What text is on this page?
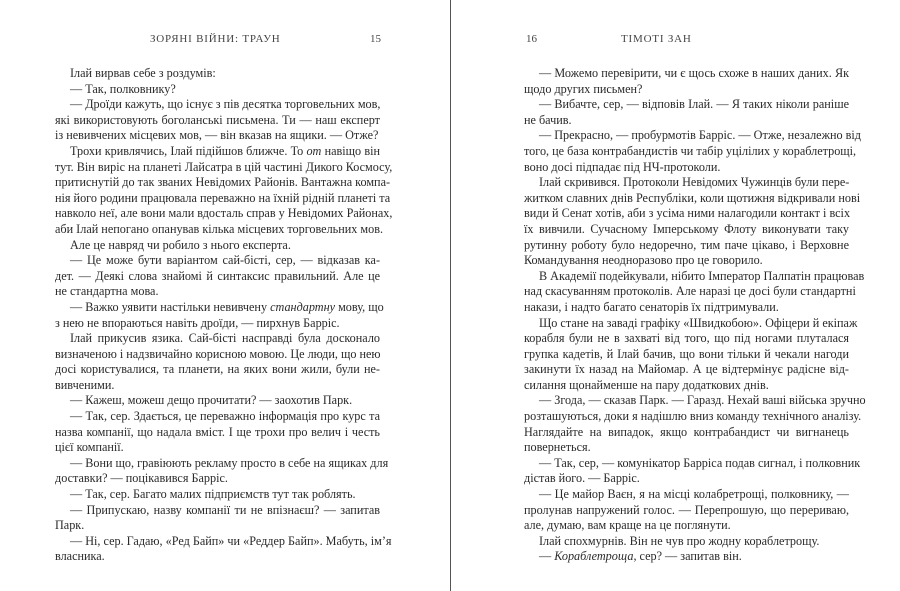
ЗОРЯНІ ВІЙНИ: ТРАУН	15
Ілай вирвав себе з роздумів:
— Так, полковнику?
— Дроїди кажуть, що існує з пів десятка торговельних мов,
які використовують боголанські письмена. Ти — наш експерт
із невивчених місцевих мов, — він вказав на ящики. — Отже?
Трохи кривлячись, Ілай підійшов ближче. То от навіщо він
тут. Він виріс на планеті Лайсатра в цій частині Дикого Космосу,
притиснутій до так званих Невідомих Районів. Вантажна компа-
нія його родини працювала переважно на їхній рідній планеті та
навколо неї, але вони мали вдосталь справ у Невідомих Районах,
аби Ілай непогано опанував кілька місцевих торговельних мов.
Але це навряд чи робило з нього експерта.
— Це може бути варіантом сай-бісті, сер, — відказав ка-
дет. — Деякі слова знайомі й синтаксис правильний. Але це
не стандартна мова.
— Важко уявити настільки невивчену стандартну мову, що
з нею не впораються навіть дроїди, — пирхнув Барріс.
Ілай прикусив язика. Сай-бісті насправді була досконало
визначеною і надзвичайно корисною мовою. Це люди, що нею
досі користувалися, та планети, на яких вони жили, були не-
вивченими.
— Кажеш, можеш дещо прочитати? — заохотив Парк.
— Так, сер. Здається, це переважно інформація про курс та
назва компанії, що надала вміст. І ще трохи про велич і честь
цієї компанії.
— Вони що, гравіюють рекламу просто в себе на ящиках для
доставки? — поцікавився Барріс.
— Так, сер. Багато малих підприємств тут так роблять.
— Припускаю, назву компанії ти не впізнаєш? — запитав
Парк.
— Ні, сер. Гадаю, «Ред Байп» чи «Реддер Байп». Мабуть, ім’я
власника.
16	ТІМОТІ ЗАН
— Можемо перевірити, чи є щось схоже в наших даних. Як
щодо других письмен?
— Вибачте, сер, — відповів Ілай. — Я таких ніколи раніше
не бачив.
— Прекрасно, — пробурмотів Барріс. — Отже, незалежно від
того, це база контрабандистів чи табір уцілілих у кораблетрощі,
воно досі підпадає під НЧ-протоколи.
Ілай скривився. Протоколи Невідомих Чужинців були пере-
житком славних днів Республіки, коли щотижня відкривали нові
види й Сенат хотів, аби з усіма ними налагодили контакт і всіх
їх вивчили. Сучасному Імперському Флоту виконувати таку
рутинну роботу було недоречно, тим паче цікаво, і Верховне
Командування неодноразово про це говорило.
В Академії подейкували, нібито Імператор Палпатін працював
над скасуванням протоколів. Але наразі це досі були стандартні
накази, і надто багато сенаторів їх підтримували.
Що стане на заваді графіку «Швидкобою». Офіцери й екіпаж
корабля були не в захваті від того, що під ногами плуталася
групка кадетів, й Ілай бачив, що вони тільки й чекали нагоди
закинути їх назад на Майомар. А це відтермінує радісне від-
силання щонайменше на пару додаткових днів.
— Згода, — сказав Парк. — Гаразд. Нехай ваші війська зручно
розташуються, доки я надішлю вниз команду технічного аналізу.
Наглядайте на випадок, якщо контрабандист чи вигнанець
повернеться.
— Так, сер, — комунікатор Барріса подав сигнал, і полковник
дістав його. — Барріс.
— Це майор Ваєн, я на місці колабретрощі, полковнику, —
пролунав напружений голос. — Перепрошую, що перериваю,
але, думаю, вам краще на це поглянути.
Ілай спохмурнів. Він не чув про жодну кораблетрощу.
— Кораблетроща, сер? — запитав він.
